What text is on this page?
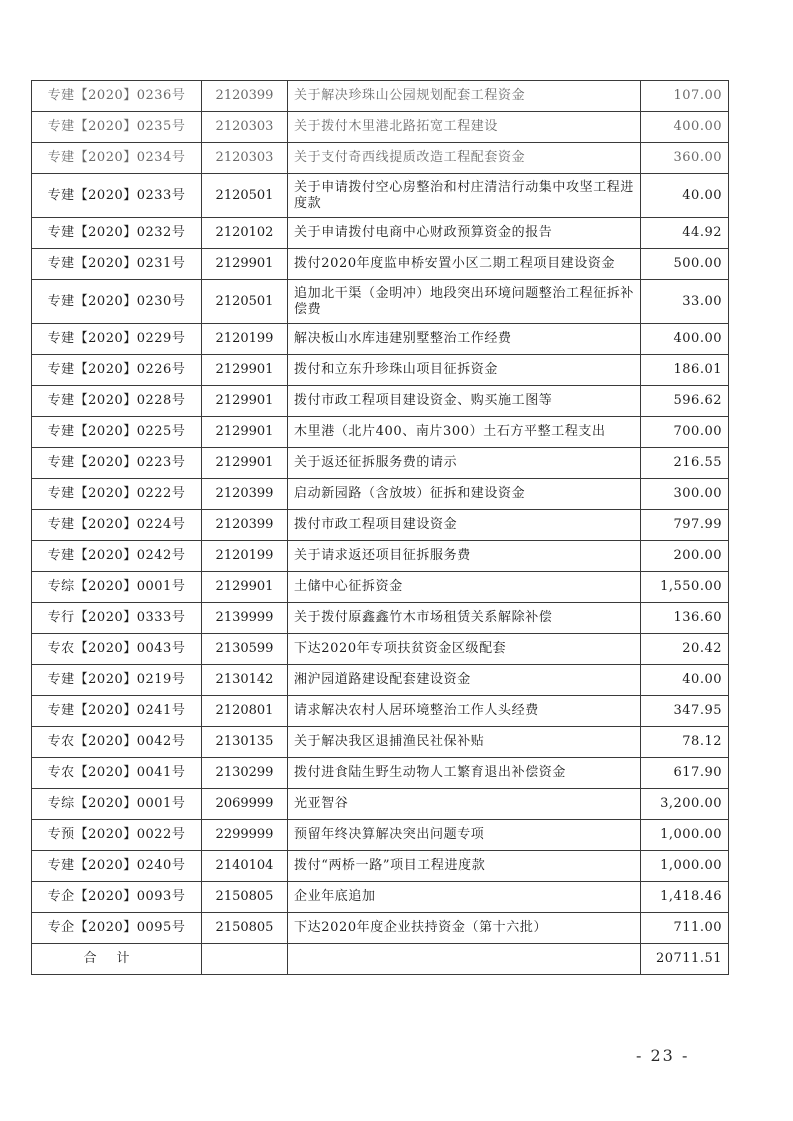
专建【2020】0236号	2120399	关于解决珍珠山公园规划配套工程资金	107.00
专建【2020】0235号	2120303	关于拨付木里港北路拓宽工程建设	400.00
专建【2020】0234号	2120303	关于支付奇西线提质改造工程配套资金	360.00
专建【2020】0233号	2120501	关于申请拨付空心房整治和村庄清洁行动集中攻坚工程进度款	40.00
专建【2020】0232号	2120102	关于申请拨付电商中心财政预算资金的报告	44.92
专建【2020】0231号	2129901	拨付2020年度监申桥安置小区二期工程项目建设资金	500.00
专建【2020】0230号	2120501	追加北干渠（金明冲）地段突出环境问题整治工程征拆补偿费	33.00
专建【2020】0229号	2120199	解决板山水库违建别墅整治工作经费	400.00
专建【2020】0226号	2129901	拨付和立东升珍珠山项目征拆资金	186.01
专建【2020】0228号	2129901	拨付市政工程项目建设资金、购买施工图等	596.62
专建【2020】0225号	2129901	木里港（北片400、南片300）土石方平整工程支出	700.00
专建【2020】0223号	2129901	关于返还征拆服务费的请示	216.55
专建【2020】0222号	2120399	启动新园路（含放坡）征拆和建设资金	300.00
专建【2020】0224号	2120399	拨付市政工程项目建设资金	797.99
专建【2020】0242号	2120199	关于请求返还项目征拆服务费	200.00
专综【2020】0001号	2129901	土储中心征拆资金	1,550.00
专行【2020】0333号	2139999	关于拨付原鑫鑫竹木市场租赁关系解除补偿	136.60
专农【2020】0043号	2130599	下达2020年专项扶贫资金区级配套	20.42
专建【2020】0219号	2130142	湘沪园道路建设配套建设资金	40.00
专建【2020】0241号	2120801	请求解决农村人居环境整治工作人头经费	347.95
专农【2020】0042号	2130135	关于解决我区退捕渔民社保补贴	78.12
专农【2020】0041号	2130299	拨付进食陆生野生动物人工繁育退出补偿资金	617.90
专综【2020】0001号	2069999	光亚智谷	3,200.00
专预【2020】0022号	2299999	预留年终决算解决突出问题专项	1,000.00
专建【2020】0240号	2140104	拨付“两桥一路”项目工程进度款	1,000.00
专企【2020】0093号	2150805	企业年底追加	1,418.46
专企【2020】0095号	2150805	下达2020年度企业扶持资金（第十六批）	711.00
合计			20711.51
- 23 -
